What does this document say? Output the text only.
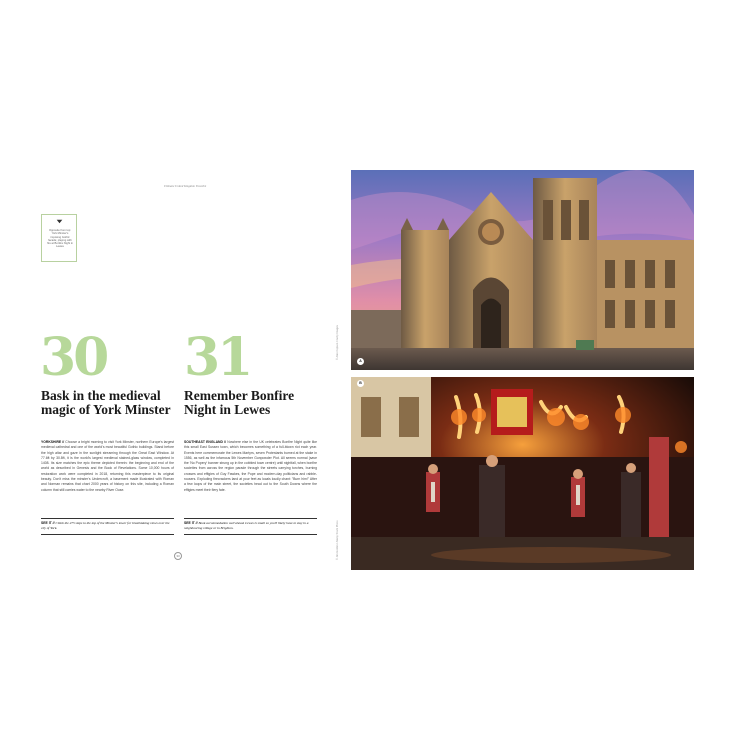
Ultimate United Kingdom Travelist
Opposite from top: York Minster's imposing Gothic facade; playing with fire at Bonfire Night in Lewes
30
Bask in the medieval magic of York Minster
YORKSHIRE // Choose a bright morning to visit York Minster, northern Europe's largest medieval cathedral and one of the world's most beautiful Gothic buildings. Stand before the high altar and gaze in the sunlight streaming through the Great East Window. At 77.6ft by 30.8ft, it is the world's largest medieval stained-glass window, completed in 1408. Its size matches the epic theme depicted therein: the beginning and end of the world as described in Genesis and the Book of Revelations. Some 10,000 hours of restoration work were completed in 2018, returning this masterpiece to its original beauty. Don't miss the minster's Undercroft, a basement made illustrated with Roman and Norman remains that chart 2000 years of history on this site, including a Roman column that still carries water to the nearby River Ouse.
SEE IT // Climb the 275 steps to the top of the Minster's tower for breathtaking views over the city of York.
31
Remember Bonfire Night in Lewes
SOUTHEAST ENGLAND // Nowhere else in the UK celebrates Bonfire Night quite like this small East Sussex town, which becomes something of a full-blown riot each year. Events here commemorate the Lewes Martyrs, seven Protestants burned at the stake in 1556, as well as the infamous 5th November Gunpowder Plot. All seems normal (save the 'No Popery' banner strung up in the cobbled town centre) until nightfall, when bonfire societies from across the region parade through the streets carrying torches, burning crosses and effigies of Guy Fawkes, the Pope and modern-day politicians and rabble-rousers. Exploding firecrackers land at your feet as locals loudly chant: "Burn him!" After a few loops of the main street, the societies head out to the South Downs where the effigies meet their fiery fate.
SEE IT // Book accommodation well ahead. Lewes is small so you'll likely have to stay in a neighbouring village or in Brighton.
33
© Alan Copson / Getty Images
© Jim Holden / Alamy Stock Photo
A
B
